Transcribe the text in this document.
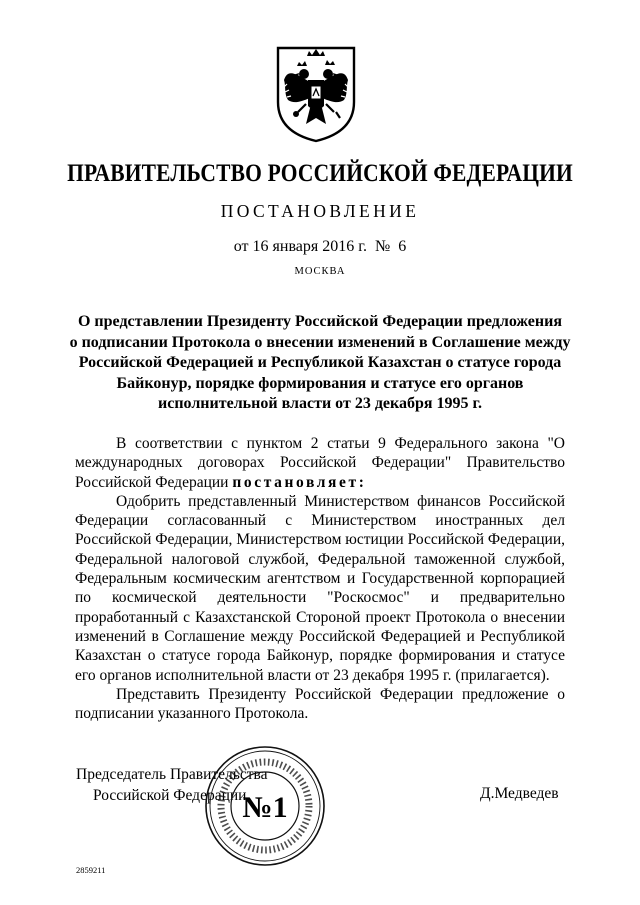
ПРАВИТЕЛЬСТВО РОССИЙСКОЙ ФЕДЕРАЦИИ
ПОСТАНОВЛЕНИЕ
от 16 января 2016 г.  №  6
МОСКВА
О представлении Президенту Российской Федерации предложения
о подписании Протокола о внесении изменений в Соглашение между
Российской Федерацией и Республикой Казахстан о статусе города
Байконур, порядке формирования и статусе его органов
исполнительной власти от 23 декабря 1995 г.

В соответствии с пунктом 2 статьи 9 Федерального закона "О международных договорах Российской Федерации" Правительство Российской Федерации постановляет:

Одобрить представленный Министерством финансов Российской Федерации согласованный с Министерством иностранных дел Российской Федерации, Министерством юстиции Российской Федерации, Федеральной налоговой службой, Федеральной таможенной службой, Федеральным космическим агентством и Государственной корпорацией по космической деятельности "Роскосмос" и предварительно проработанный с Казахстанской Стороной проект Протокола о внесении изменений в Соглашение между Российской Федерацией и Республикой Казахстан о статусе города Байконур, порядке формирования и статусе его органов исполнительной власти от 23 декабря 1995 г. (прилагается).

Представить Президенту Российской Федерации предложение о подписании указанного Протокола.

Председатель Правительства
Российской Федерации	Д.Медведев
№1
2859211
